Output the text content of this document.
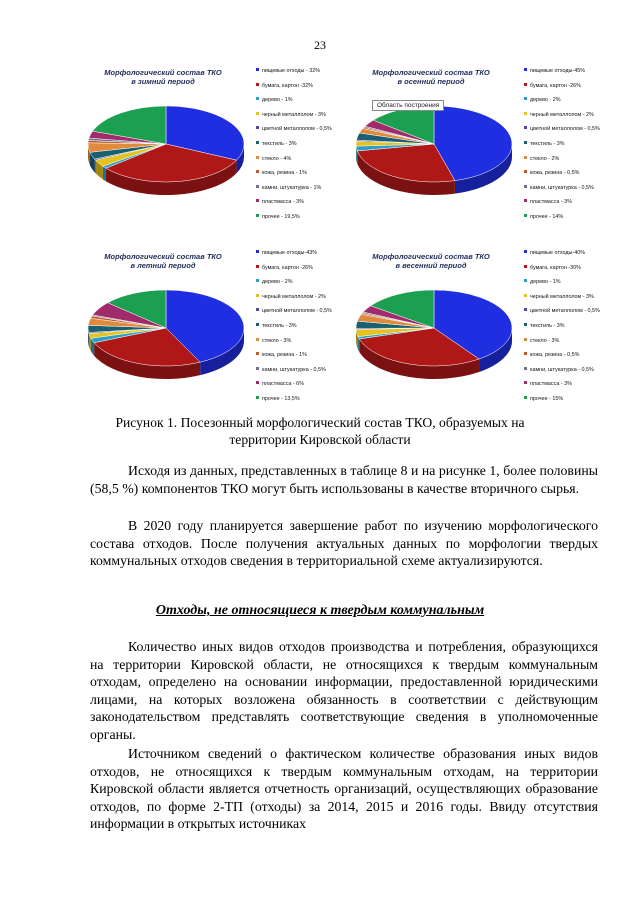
23
Морфологический состав ТКО
в зимний период
пищевые отходы - 32%
бумага, картон -32%
дерево - 1%
черный металлолом - 3%
цветной металлолом - 0,5%
текстиль - 3%
стекло - 4%
кожа, резина - 1%
камни, штукатурка - 1%
пластмасса - 3%
прочее - 19,5%
Морфологический состав ТКО
в осенний период
Область построения
пищевые отходы-45%
бумага, картон -26%
дерево - 2%
черный металлолом - 2%
цветной металлолом - 0,5%
текстиль - 3%
стекло - 2%
кожа, резина - 0,5%
камни, штукатурка - 0,5%
пластмасса - 3%
прочее - 14%
Морфологический состав ТКО
в летний период
пищевые отходы-43%
бумага, картон -26%
дерево - 2%
черный металлолом - 2%
цветной металлолом - 0,5%
текстиль - 3%
стекло - 3%
кожа, резина - 1%
камни, штукатурка - 0,5%
пластмасса - 6%
прочее - 13,5%
Морфологический состав ТКО
в весенний период
пищевые отходы-40%
бумага, картон -30%
дерево - 1%
черный металлолом - 3%
цветной металлолом - 0,5%
текстиль - 3%
стекло - 3%
кожа, резина - 0,5%
камни, штукатурка - 0,5%
пластмасса - 3%
прочее - 15%
Рисунок 1. Посезонный морфологический состав ТКО, образуемых на
территории Кировской области
Исходя из данных, представленных в таблице 8 и на рисунке 1, более половины (58,5 %) компонентов ТКО могут быть использованы в качестве вторичного сырья.
В 2020 году планируется завершение работ по изучению морфологического состава отходов. После получения актуальных данных по морфологии твердых коммунальных отходов сведения в территориальной схеме актуализируются.
Отходы, не относящиеся к твердым коммунальным
Количество иных видов отходов производства и потребления, образующихся на территории Кировской области, не относящихся к твердым коммунальным отходам, определено на основании информации, предоставленной юридическими лицами, на которых возложена обязанность в соответствии с действующим законодательством представлять соответствующие сведения в уполномоченные органы.
Источником сведений о фактическом количестве образования иных видов отходов, не относящихся к твердым коммунальным отходам, на территории Кировской области является отчетность организаций, осуществляющих образование отходов, по форме 2-ТП (отходы) за 2014, 2015 и 2016 годы. Ввиду отсутствия информации в открытых источниках
